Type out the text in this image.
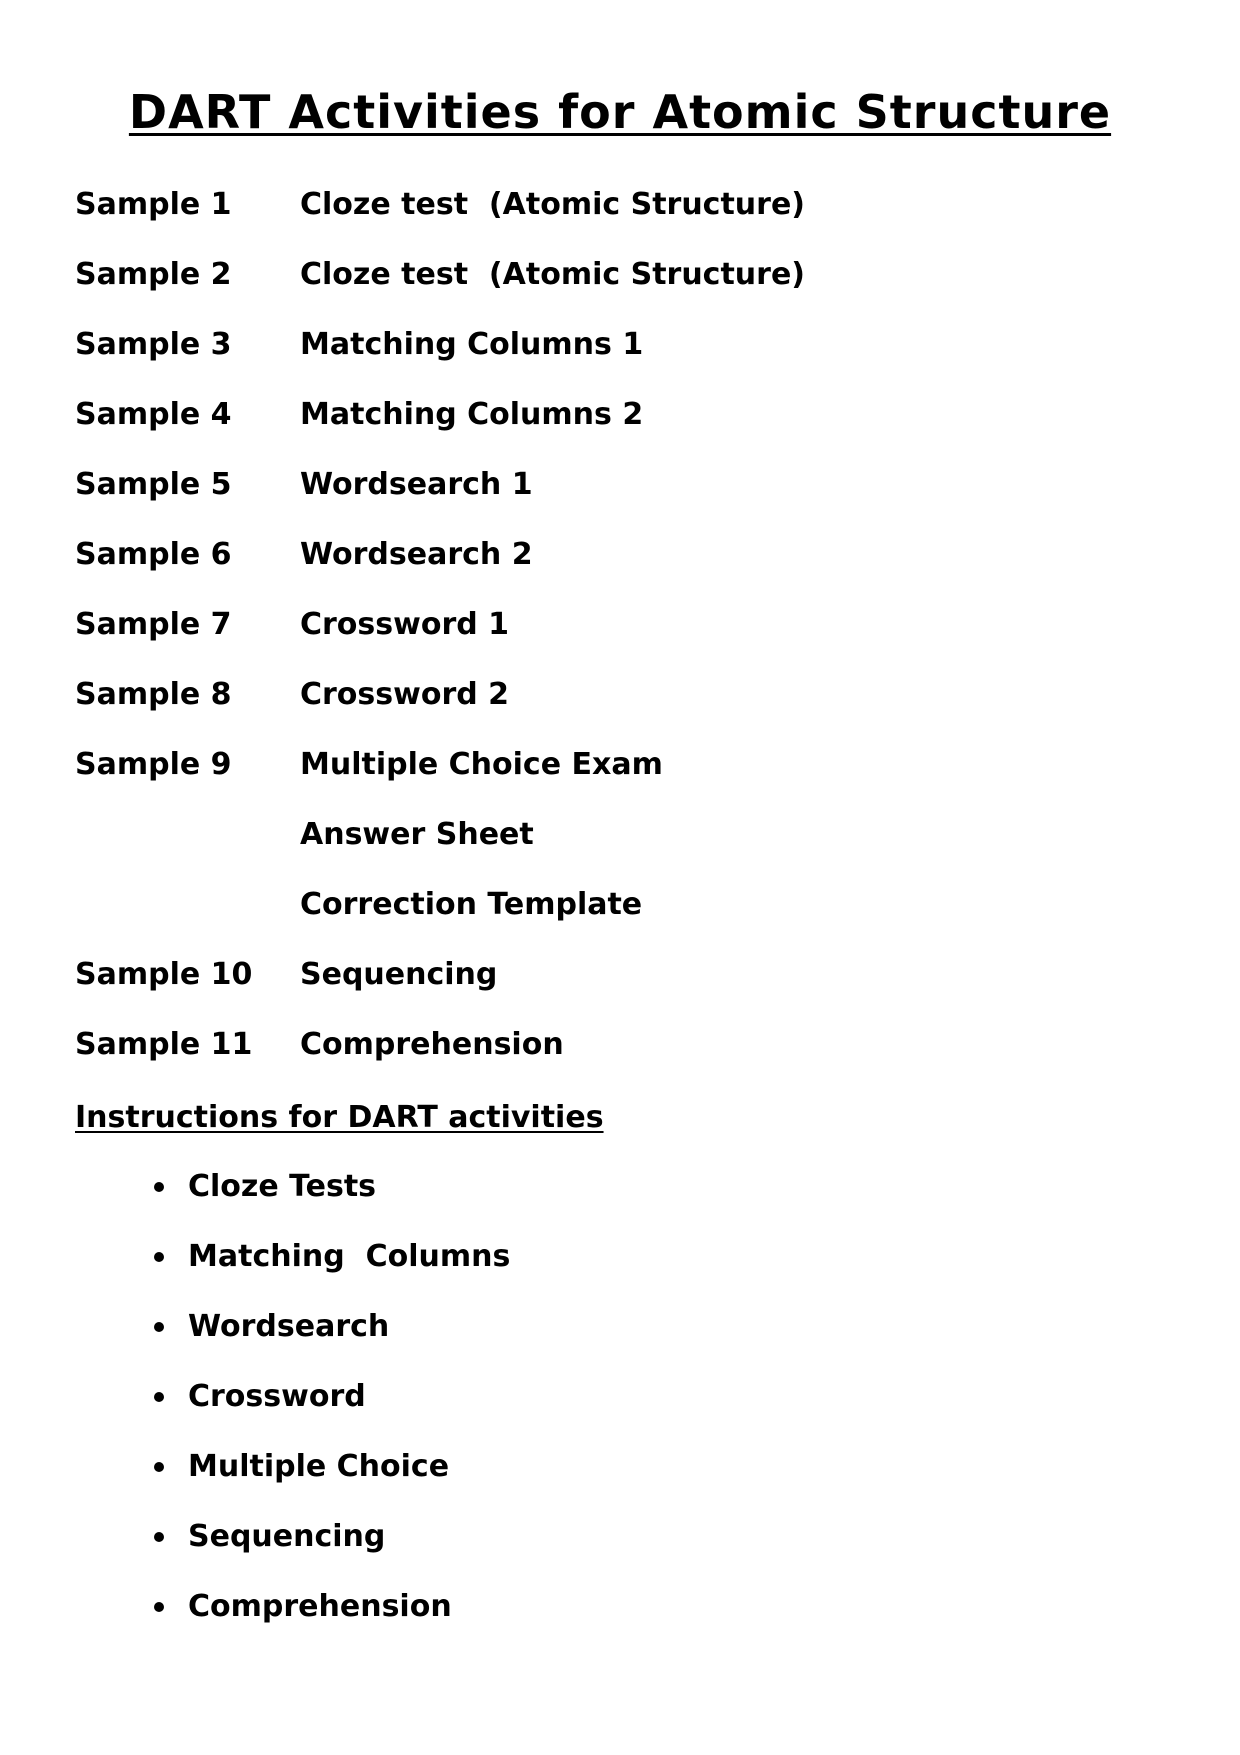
DART Activities for Atomic Structure
Sample 1 Cloze test  (Atomic Structure)
Sample 2 Cloze test  (Atomic Structure)
Sample 3 Matching Columns 1
Sample 4 Matching Columns 2
Sample 5 Wordsearch 1
Sample 6 Wordsearch 2
Sample 7 Crossword 1
Sample 8 Crossword 2
Sample 9 Multiple Choice Exam
Answer Sheet
Correction Template
Sample 10 Sequencing
Sample 11 Comprehension
Instructions for DART activities
Cloze Tests
Matching  Columns
Wordsearch
Crossword
Multiple Choice
Sequencing
Comprehension
